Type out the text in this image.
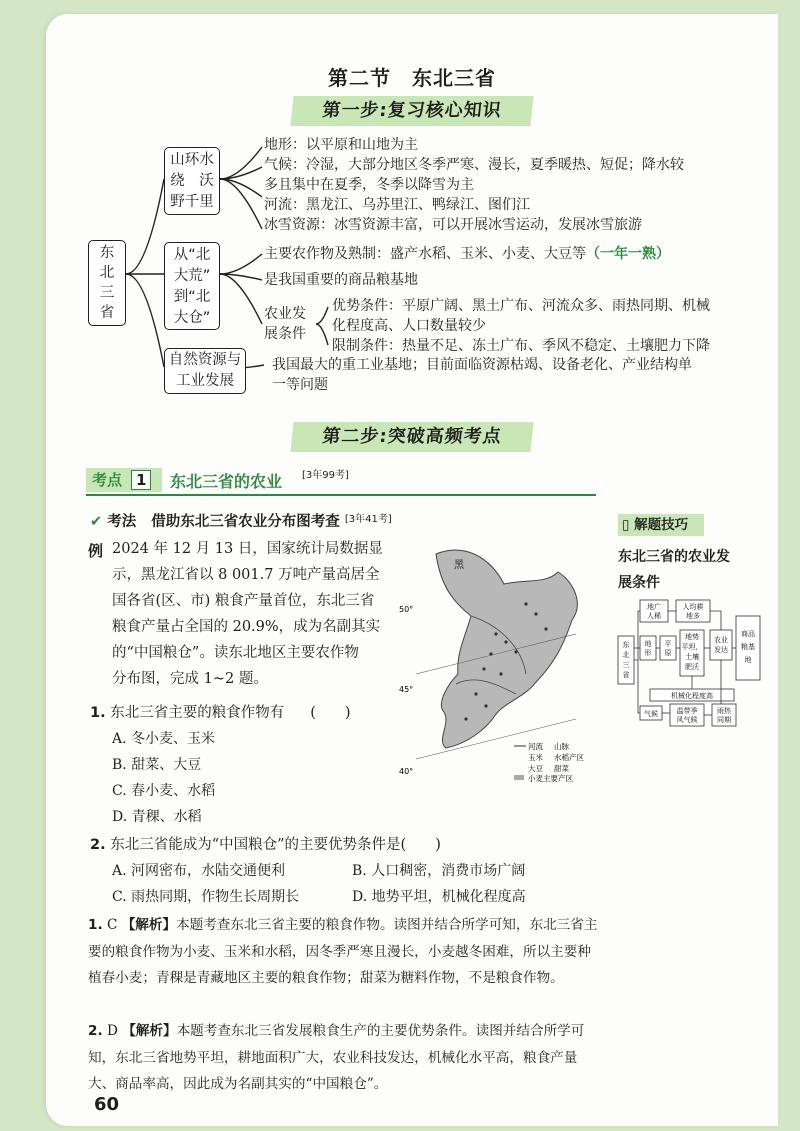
第二节　东北三省
第一步:复习核心知识
东
北
三
省
山环水
绕　沃
野千里
地形：以平原和山地为主
气候：冷湿，大部分地区冬季严寒、漫长，夏季暖热、短促；降水较
多且集中在夏季，冬季以降雪为主
河流：黑龙江、乌苏里江、鸭绿江、图们江
冰雪资源：冰雪资源丰富，可以开展冰雪运动，发展冰雪旅游
从“北
大荒”
到“北
大仓”
主要农作物及熟制：盛产水稻、玉米、小麦、大豆等（一年一熟）
是我国重要的商品粮基地
农业发
展条件
优势条件：平原广阔、黑土广布、河流众多、雨热同期、机械
化程度高、人口数量较少
限制条件：热量不足、冻土广布、季风不稳定、土壤肥力下降
自然资源与
工业发展
我国最大的重工业基地；目前面临资源枯竭、设备老化、产业结构单
一等问题
第二步:突破高频考点
考点 1	东北三省的农业 [3年99考]
✔ 考法 借助东北三省农业分布图考查 [3年41考]
例 2024 年 12 月 13 日，国家统计局数据显
示，黑龙江省以 8 001.7 万吨产量高居全
国各省(区、市) 粮食产量首位，东北三省
粮食产量占全国的 20.9%，成为名副其实
的“中国粮仓”。读东北地区主要农作物
分布图，完成 1~2 题。
50°
45°
40°
黑
河流 山脉
玉米 水稻产区
大豆 甜菜
小麦主要产区
1. 东北三省主要的粮食作物有 (　　)
A. 冬小麦、玉米
B. 甜菜、大豆
C. 春小麦、水稻
D. 青稞、水稻
2. 东北三省能成为“中国粮仓”的主要优势条件是(　　)
A. 河网密布，水陆交通便利	B. 人口稠密，消费市场广阔
C. 雨热同期，作物生长周期长	D. 地势平坦，机械化程度高
1. C 【解析】本题考查东北三省主要的粮食作物。读图并结合所学可知，东北三省主要的粮食作物为小麦、玉米和水稻，因冬季严寒且漫长，小麦越冬困难，所以主要种植春小麦；青稞是青藏地区主要的粮食作物；甜菜为糖料作物，不是粮食作物。
2. D 【解析】本题考查东北三省发展粮食生产的主要优势条件。读图并结合所学可知，东北三省地势平坦，耕地面积广大，农业科技发达，机械化水平高，粮食产量大、商品率高，因此成为名副其实的“中国粮仓”。
60
▯ 解题技巧
东北三省的农业发
展条件
东
北
三
省
地广
人稀
人均耕
地多
地
形
平
原
地势
平坦，
土壤
肥沃
农业
发达
商品
粮基
地
机械化程度高
气候	温带季
风气候
雨热
同期
